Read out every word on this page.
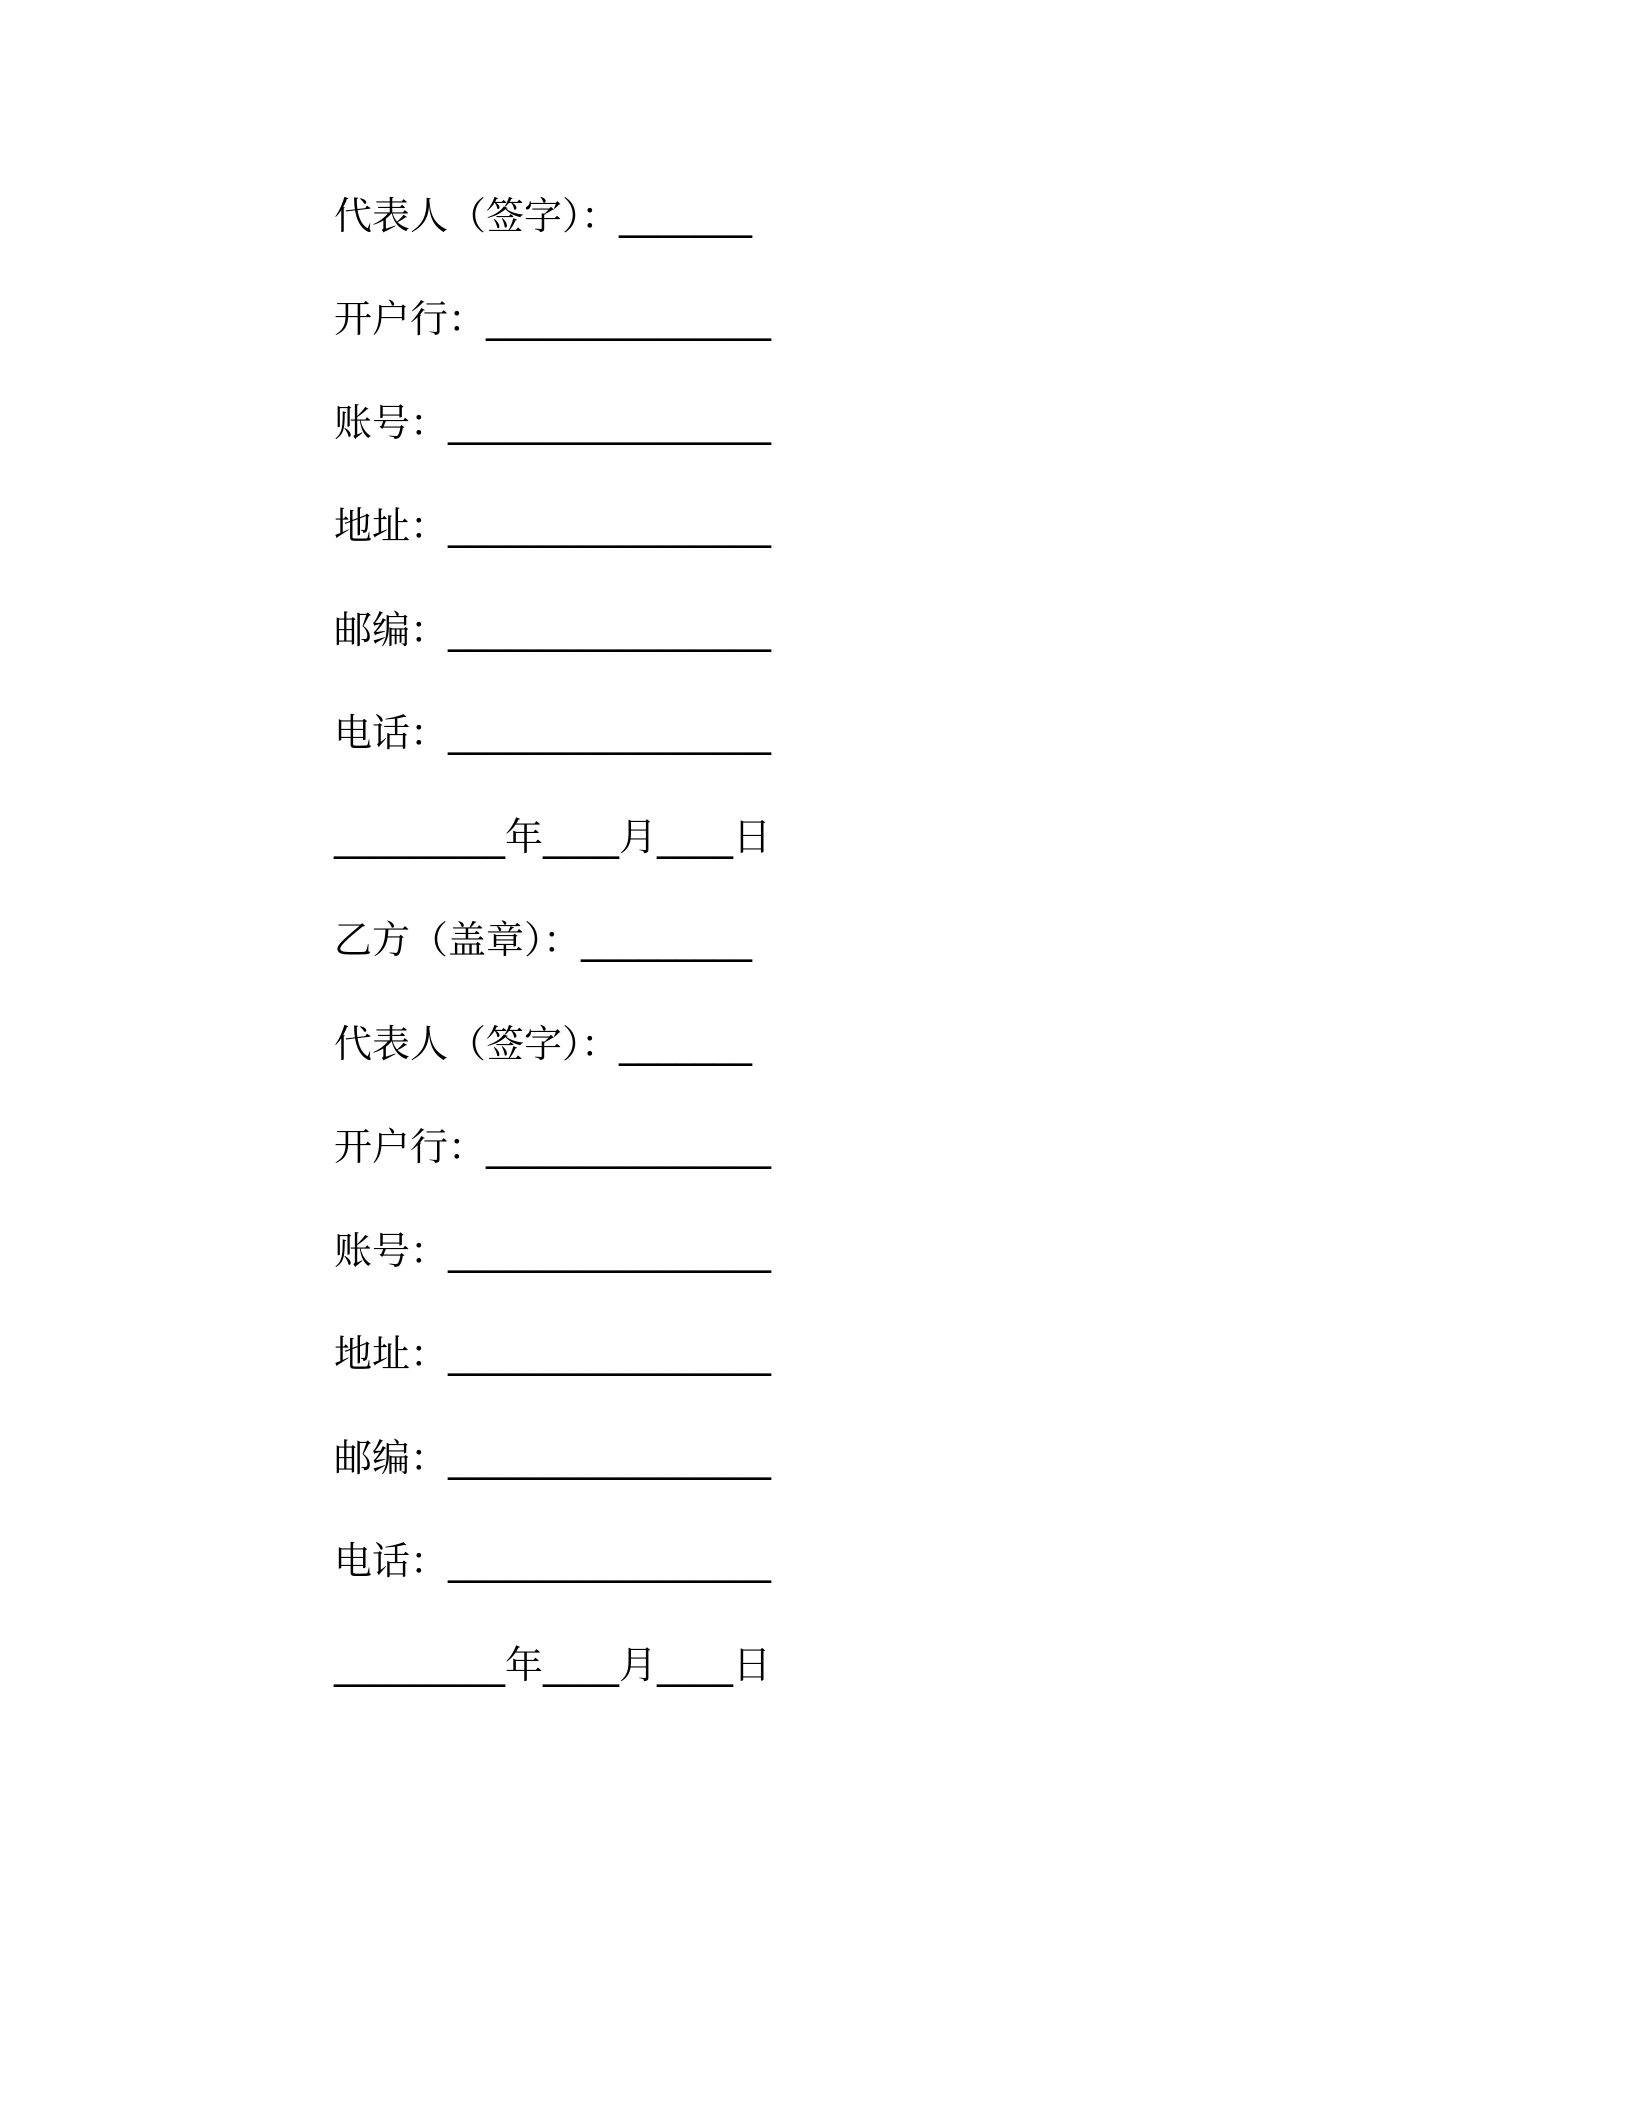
代表人（签字）：_______
开户行：_______________
账号：_________________
地址：_________________
邮编：_________________
电话：_________________
_________年____月____日
乙方（盖章）：_________
代表人（签字）：_______
开户行：_______________
账号：_________________
地址：_________________
邮编：_________________
电话：_________________
_________年____月____日
